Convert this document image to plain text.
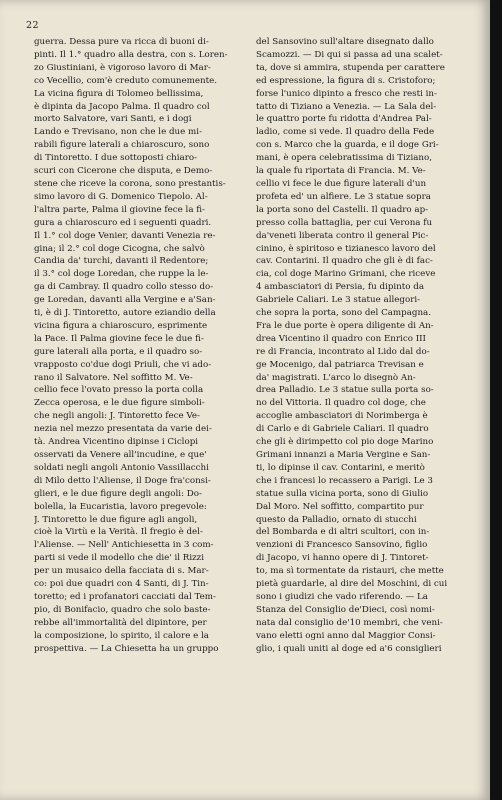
22
guerra. Dessa pure va ricca di buoni di-
pinti. Il 1.° quadro alla destra, con s. Loren-
zo Giustiniani, è vigoroso lavoro di Mar-
co Vecellio, com'è creduto comunemente.
La vicina figura di Tolomeo bellissima,
è dipinta da Jacopo Palma. Il quadro col
morto Salvatore, vari Santi, e i dogi
Lando e Trevisano, non che le due mi-
rabili figure laterali a chiaroscuro, sono
di Tintoretto. I due sottoposti chiaro-
scuri con Cicerone che disputa, e Demo-
stene che riceve la corona, sono prestantis-
simo lavoro di G. Domenico Tiepolo. Al-
l'altra parte, Palma il giovine fece la fi-
gura a chiaroscuro ed i seguenti quadri.
Il 1.° col doge Venier, davanti Venezia re-
gina; il 2.° col doge Cicogna, che salvò
Candia da' turchi, davanti il Redentore;
il 3.° col doge Loredan, che ruppe la le-
ga di Cambray. Il quadro collo stesso do-
ge Loredan, davanti alla Vergine e a'San-
ti, è di J. Tintoretto, autore eziandio della
vicina figura a chiaroscuro, esprimente
la Pace. Il Palma giovine fece le due fi-
gure laterali alla porta, e il quadro so-
vrapposto co'due dogi Priuli, che vi ado-
rano il Salvatore. Nel soffitto M. Ve-
cellio fece l'ovato presso la porta colla
Zecca operosa, e le due figure simboli-
che negli angoli: J. Tintoretto fece Ve-
nezia nel mezzo presentata da varie dei-
tà. Andrea Vicentino dipinse i Ciclopi
osservati da Venere all'incudine, e que'
soldati negli angoli Antonio Vassillacchi
di Milo detto l'Aliense, il Doge fra'consi-
glieri, e le due figure degli angoli: Do-
bolella, la Eucaristia, lavoro pregevole:
J. Tintoretto le due figure agli angoli,
cioè la Virtù e la Verità. Il fregio è del-
l'Aliense. — Nell' Antichiesetta in 3 com-
parti si vede il modello che die' il Rizzi
per un musaico della facciata di s. Mar-
co: poi due quadri con 4 Santi, di J. Tin-
toretto; ed i profanatori cacciati dal Tem-
pio, di Bonifacio, quadro che solo baste-
rebbe all'immortalità del dipintore, per
la composizione, lo spirito, il calore e la
prospettiva. — La Chiesetta ha un gruppo
del Sansovino sull'altare disegnato dallo
Scamozzi. — Di qui si passa ad una scalet-
ta, dove si ammira, stupenda per carattere
ed espressione, la figura di s. Cristoforo;
forse l'unico dipinto a fresco che resti in-
tatto di Tiziano a Venezia. — La Sala del-
le quattro porte fu ridotta d'Andrea Pal-
ladio, come si vede. Il quadro della Fede
con s. Marco che la guarda, e il doge Gri-
mani, è opera celebratissima di Tiziano,
la quale fu riportata di Francia. M. Ve-
cellio vi fece le due figure laterali d'un
profeta ed' un alfiere. Le 3 statue sopra
la porta sono del Castelli. Il quadro ap-
presso colla battaglia, per cui Verona fu
da'veneti liberata contro il general Pic-
cinino, è spiritoso e tizianesco lavoro del
cav. Contarini. Il quadro che gli è di fac-
cia, col doge Marino Grimani, che riceve
4 ambasciatori di Persia, fu dipinto da
Gabriele Caliari. Le 3 statue allegori-
che sopra la porta, sono del Campagna.
Fra le due porte è opera diligente di An-
drea Vicentino il quadro con Enrico III
re di Francia, incontrato al Lido dal do-
ge Mocenigo, dal patriarca Trevisan e
da' magistrati. L'arco lo disegnò An-
drea Palladio. Le 3 statue sulla porta so-
no del Vittoria. Il quadro col doge, che
accoglie ambasciatori di Norimberga è
di Carlo e di Gabriele Caliari. Il quadro
che gli è dirimpetto col pio doge Marino
Grimani innanzi a Maria Vergine e San-
ti, lo dipinse il cav. Contarini, e meritò
che i francesi lo recassero a Parigi. Le 3
statue sulla vicina porta, sono di Giulio
Dal Moro. Nel soffitto, compartito pur
questo da Palladio, ornato di stucchi
del Bombarda e di altri scultori, con in-
venzioni di Francesco Sansovino, figlio
di Jacopo, vi hanno opere di J. Tintoret-
to, ma sì tormentate da ristauri, che mette
pietà guardarle, al dire del Moschini, di cui
sono i giudizi che vado riferendo. — La
Stanza del Consiglio de'Dieci, così nomi-
nata dal consiglio de'10 membri, che veni-
vano eletti ogni anno dal Maggior Consi-
glio, i quali uniti al doge ed a'6 consiglieri
